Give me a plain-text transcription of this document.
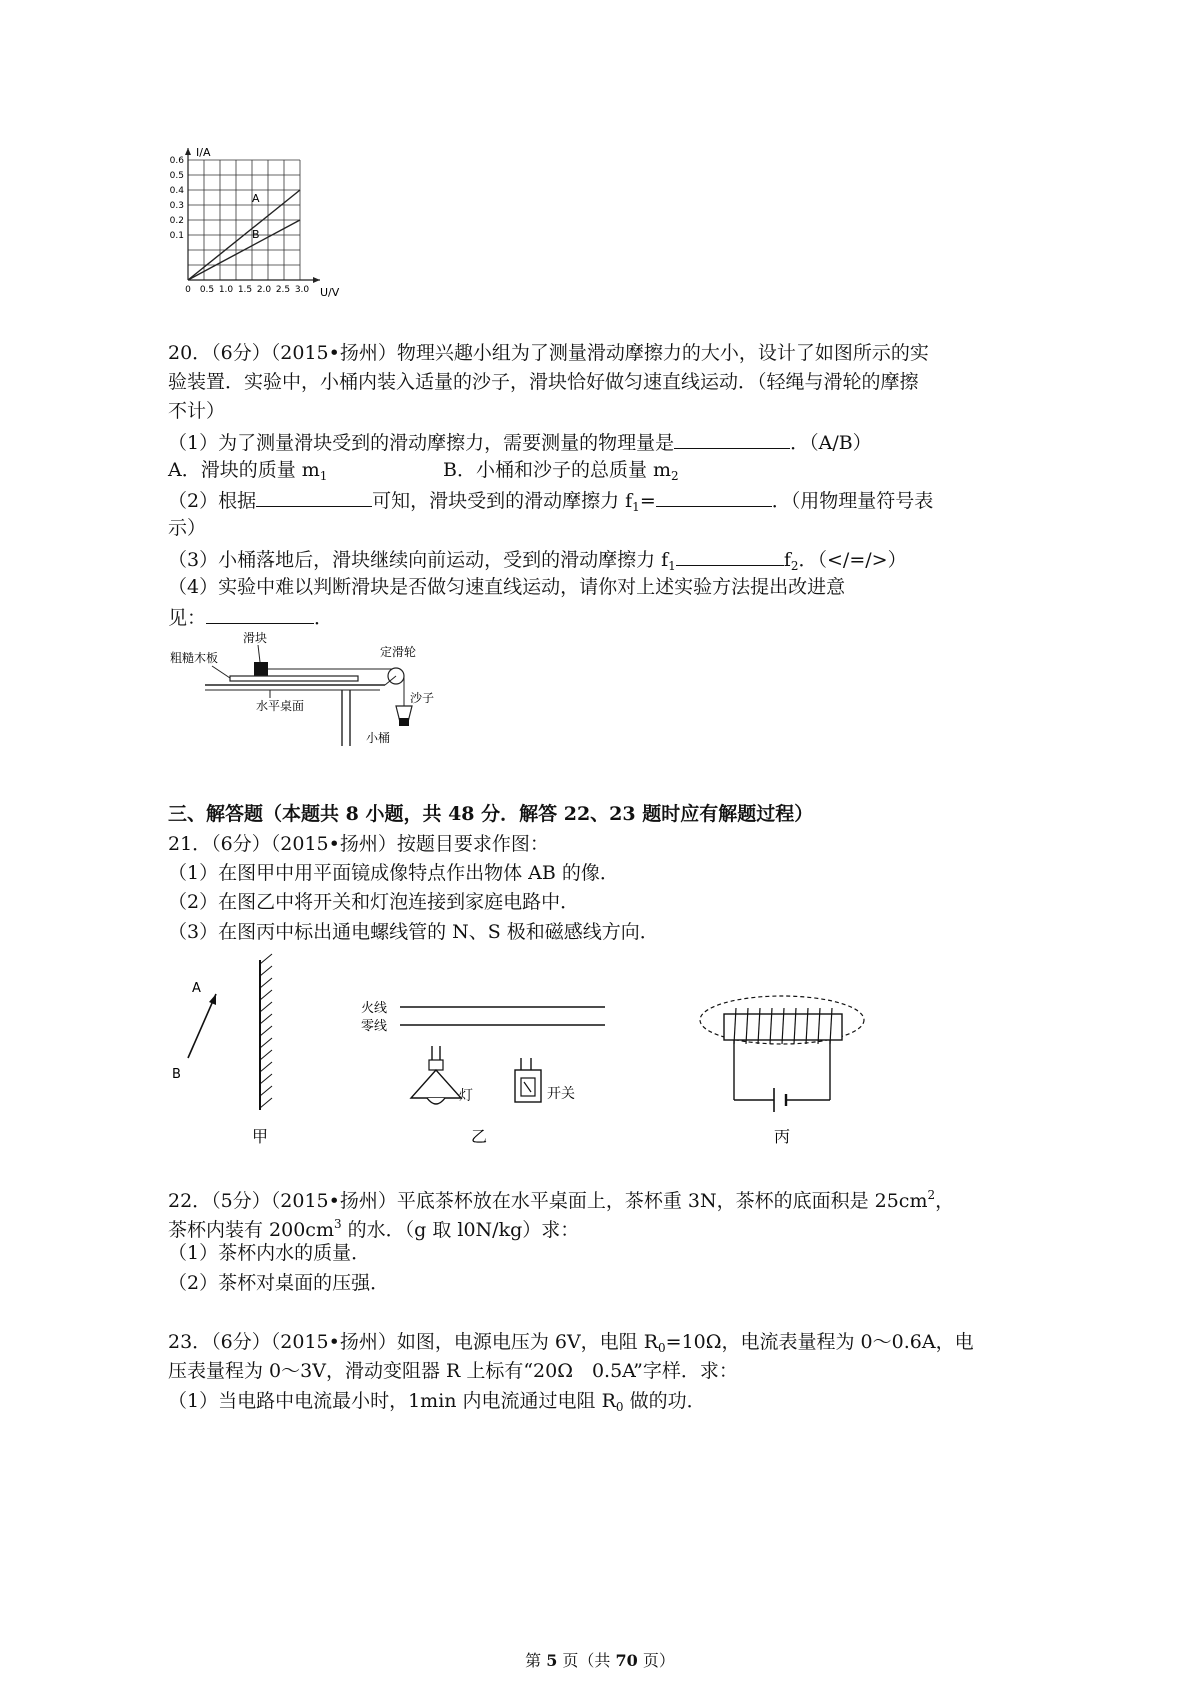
I/A
U/V
A
B
0.6
0.5
0.4
0.3
0.2
0.1
0 0.5 1.0 1.5 2.0 2.5 3.0
20．（6分）（2015•扬州）物理兴趣小组为了测量滑动摩擦力的大小，设计了如图所示的实
验装置．实验中，小桶内装入适量的沙子，滑块恰好做匀速直线运动．（轻绳与滑轮的摩擦
不计）
（1）为了测量滑块受到的滑动摩擦力，需要测量的物理量是	．（A/B）
A．滑块的质量 $m_1$	B．小桶和沙子的总质量 $m_2$
（2）根据	可知，滑块受到的滑动摩擦力 $f_1=$	．（用物理量符号表
示）
（3）小桶落地后，滑块继续向前运动，受到的滑动摩擦力 $f_1$	$f_2$．（</=/>）
（4）实验中难以判断滑块是否做匀速直线运动，请你对上述实验方法提出改进意
见：	．
滑块
粗糙木板	定滑轮
沙子
水平桌面
小桶
三、解答题（本题共 8 小题，共 48 分．解答 22、23 题时应有解题过程）
21．（6分）（2015•扬州）按题目要求作图：
（1）在图甲中用平面镜成像特点作出物体 AB 的像．
（2）在图乙中将开关和灯泡连接到家庭电路中．
（3）在图丙中标出通电螺线管的 N、S 极和磁感线方向．
A
B
甲
火线
零线
灯	开关
乙	丙
22．（5分）（2015•扬州）平底茶杯放在水平桌面上，茶杯重 3N，茶杯的底面积是 $25cm^2$，
茶杯内装有 $200cm^3$ 的水．（g 取 l0N/kg）求：
（1）茶杯内水的质量．
（2）茶杯对桌面的压强．
23．（6分）（2015•扬州）如图，电源电压为 6V，电阻 $R_0=10\Omega$，电流表量程为 0～0.6A，电
压表量程为 0～3V，滑动变阻器 R 上标有“20Ω　0.5A”字样．求：
（1）当电路中电流最小时，1min 内电流通过电阻 $R_0$ 做的功．
第 5 页（共 70 页）
